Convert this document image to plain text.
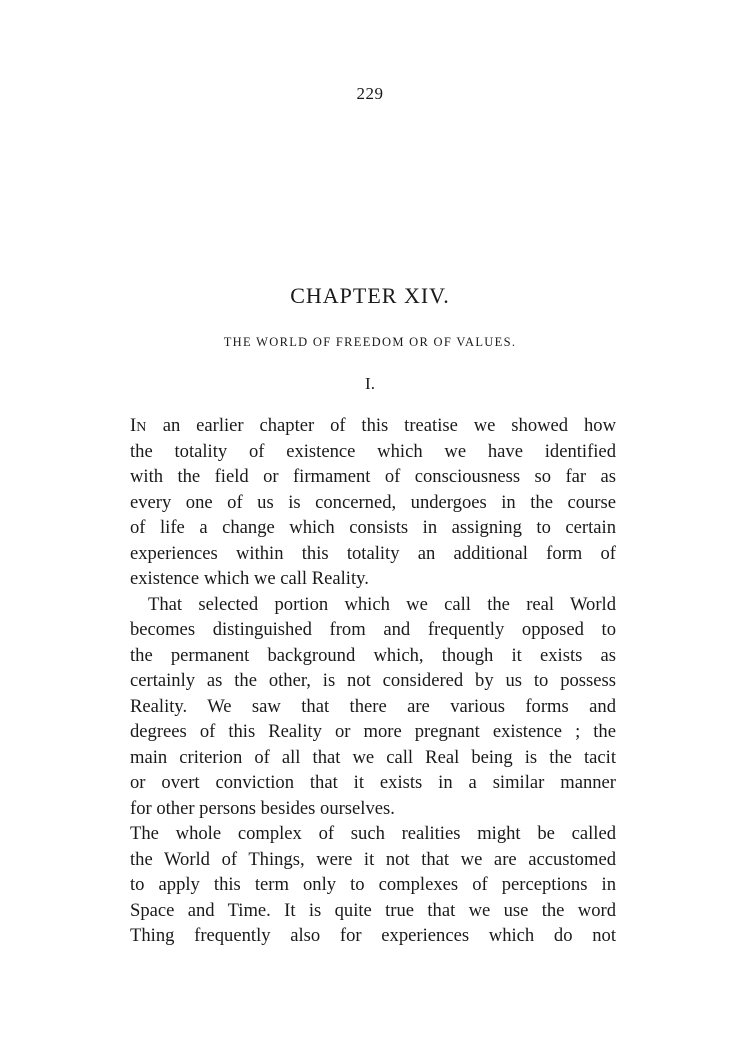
229
CHAPTER XIV.
THE WORLD OF FREEDOM OR OF VALUES.
I.
IN an earlier chapter of this treatise we showed how
the totality of existence which we have identified
with the field or firmament of consciousness so far as
every one of us is concerned, undergoes in the course
of life a change which consists in assigning to certain
experiences within this totality an additional form of
existence which we call Reality.
That selected portion which we call the real World
becomes distinguished from and frequently opposed to
the permanent background which, though it exists as
certainly as the other, is not considered by us to possess
Reality. We saw that there are various forms and
degrees of this Reality or more pregnant existence ; the
main criterion of all that we call Real being is the tacit
or overt conviction that it exists in a similar manner
for other persons besides ourselves.
The whole complex of such realities might be called
the World of Things, were it not that we are accustomed
to apply this term only to complexes of perceptions in
Space and Time. It is quite true that we use the word
Thing frequently also for experiences which do not
